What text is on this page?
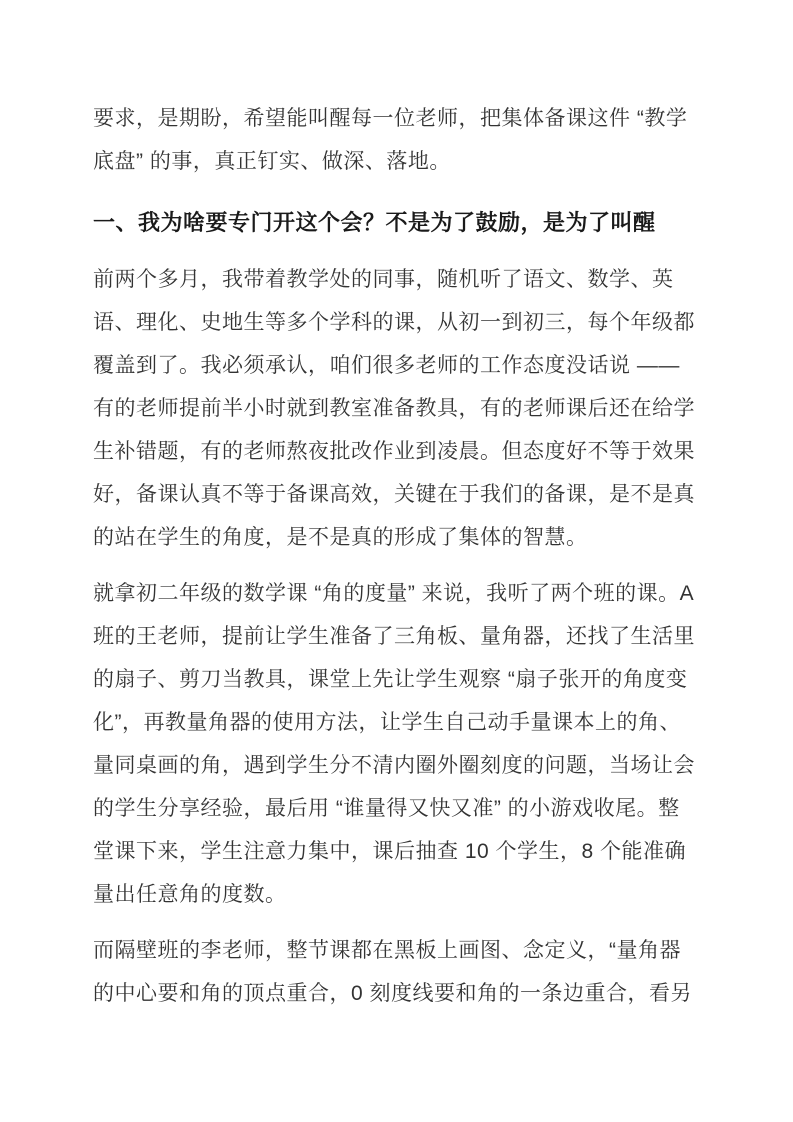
要求，是期盼，希望能叫醒每一位老师，把集体备课这件 “教学底盘” 的事，真正钉实、做深、落地。

一、我为啥要专门开这个会？不是为了鼓励，是为了叫醒

前两个多月，我带着教学处的同事，随机听了语文、数学、英语、理化、史地生等多个学科的课，从初一到初三，每个年级都覆盖到了。我必须承认，咱们很多老师的工作态度没话说 —— 有的老师提前半小时就到教室准备教具，有的老师课后还在给学生补错题，有的老师熬夜批改作业到凌晨。但态度好不等于效果好，备课认真不等于备课高效，关键在于我们的备课，是不是真的站在学生的角度，是不是真的形成了集体的智慧。

就拿初二年级的数学课 “角的度量” 来说，我听了两个班的课。A 班的王老师，提前让学生准备了三角板、量角器，还找了生活里的扇子、剪刀当教具，课堂上先让学生观察 “扇子张开的角度变化”，再教量角器的使用方法，让学生自己动手量课本上的角、量同桌画的角，遇到学生分不清内圈外圈刻度的问题，当场让会的学生分享经验，最后用 “谁量得又快又准” 的小游戏收尾。整堂课下来，学生注意力集中，课后抽查 10 个学生，8 个能准确量出任意角的度数。

而隔壁班的李老师，整节课都在黑板上画图、念定义，“量角器的中心要和角的顶点重合，0 刻度线要和角的一条边重合，看另
